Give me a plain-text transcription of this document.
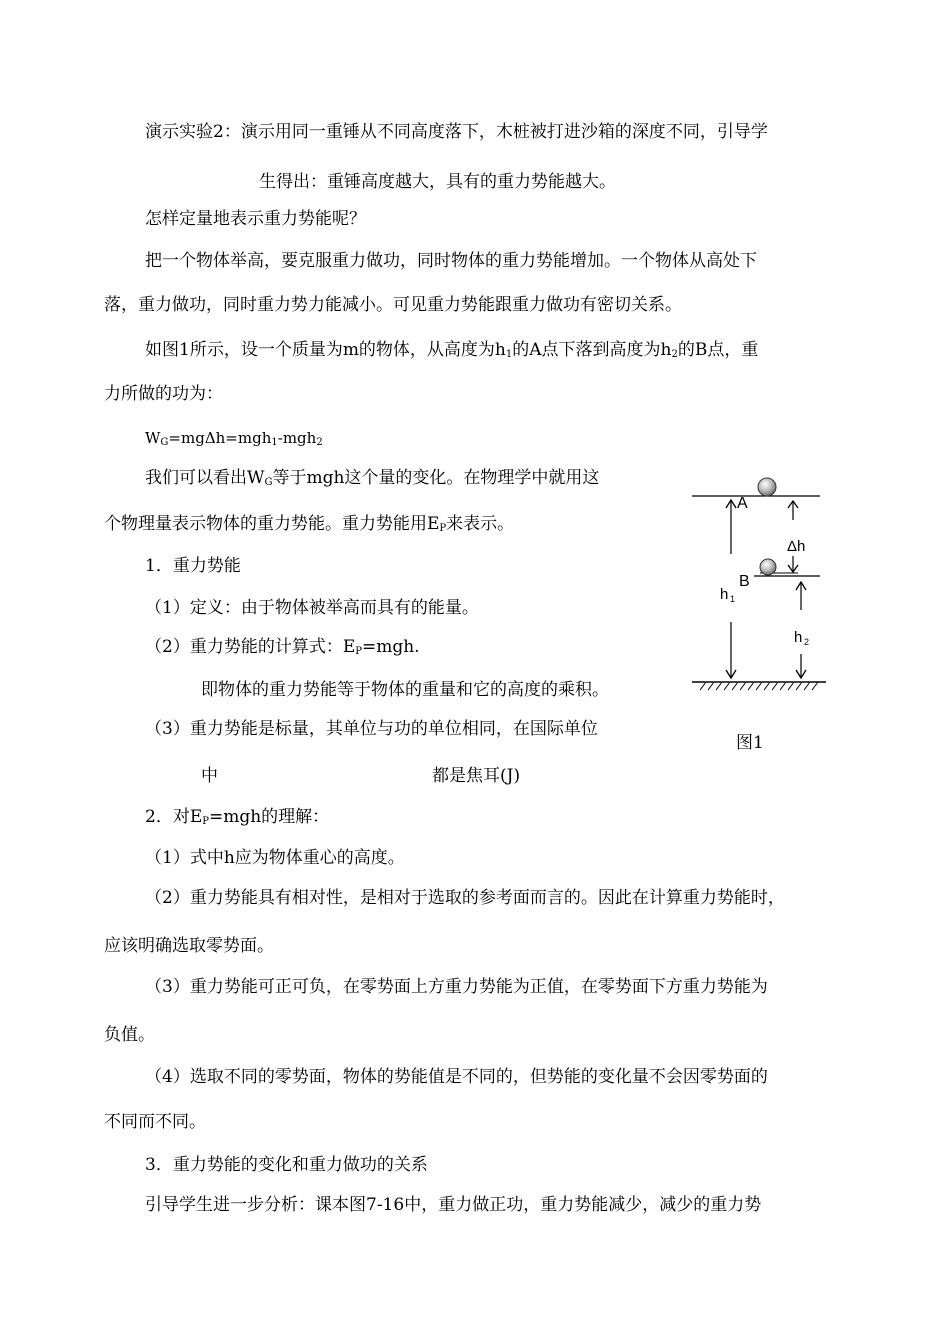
演示实验2：演示用同一重锤从不同高度落下，木桩被打进沙箱的深度不同，引导学
生得出：重锤高度越大，具有的重力势能越大。
怎样定量地表示重力势能呢？
把一个物体举高，要克服重力做功，同时物体的重力势能增加。一个物体从高处下
落，重力做功，同时重力势力能减小。可见重力势能跟重力做功有密切关系。
如图1所示，设一个质量为m的物体，从高度为$h_1$的A点下落到高度为$h_2$的B点，重
力所做的功为：
$W_G=mg\Delta h=mgh_1-mgh_2$
我们可以看出$W_G$等于mgh这个量的变化。在物理学中就用这
个物理量表示物体的重力势能。重力势能用$E_P$来表示。
1．重力势能
（1）定义：由于物体被举高而具有的能量。
（2）重力势能的计算式：$E_P=mgh$.
即物体的重力势能等于物体的重量和它的高度的乘积。
（3）重力势能是标量，其单位与功的单位相同，在国际单位
中	都是焦耳(J)
2．对$E_P=mgh$的理解：
（1）式中h应为物体重心的高度。
（2）重力势能具有相对性，是相对于选取的参考面而言的。因此在计算重力势能时，
应该明确选取零势面。
（3）重力势能可正可负，在零势面上方重力势能为正值，在零势面下方重力势能为
负值。
（4）选取不同的零势面，物体的势能值是不同的，但势能的变化量不会因零势面的
不同而不同。
3．重力势能的变化和重力做功的关系
引导学生进一步分析：课本图7-16中，重力做正功，重力势能减少，减少的重力势
A
Δh
B
h 1
h 2
图1
